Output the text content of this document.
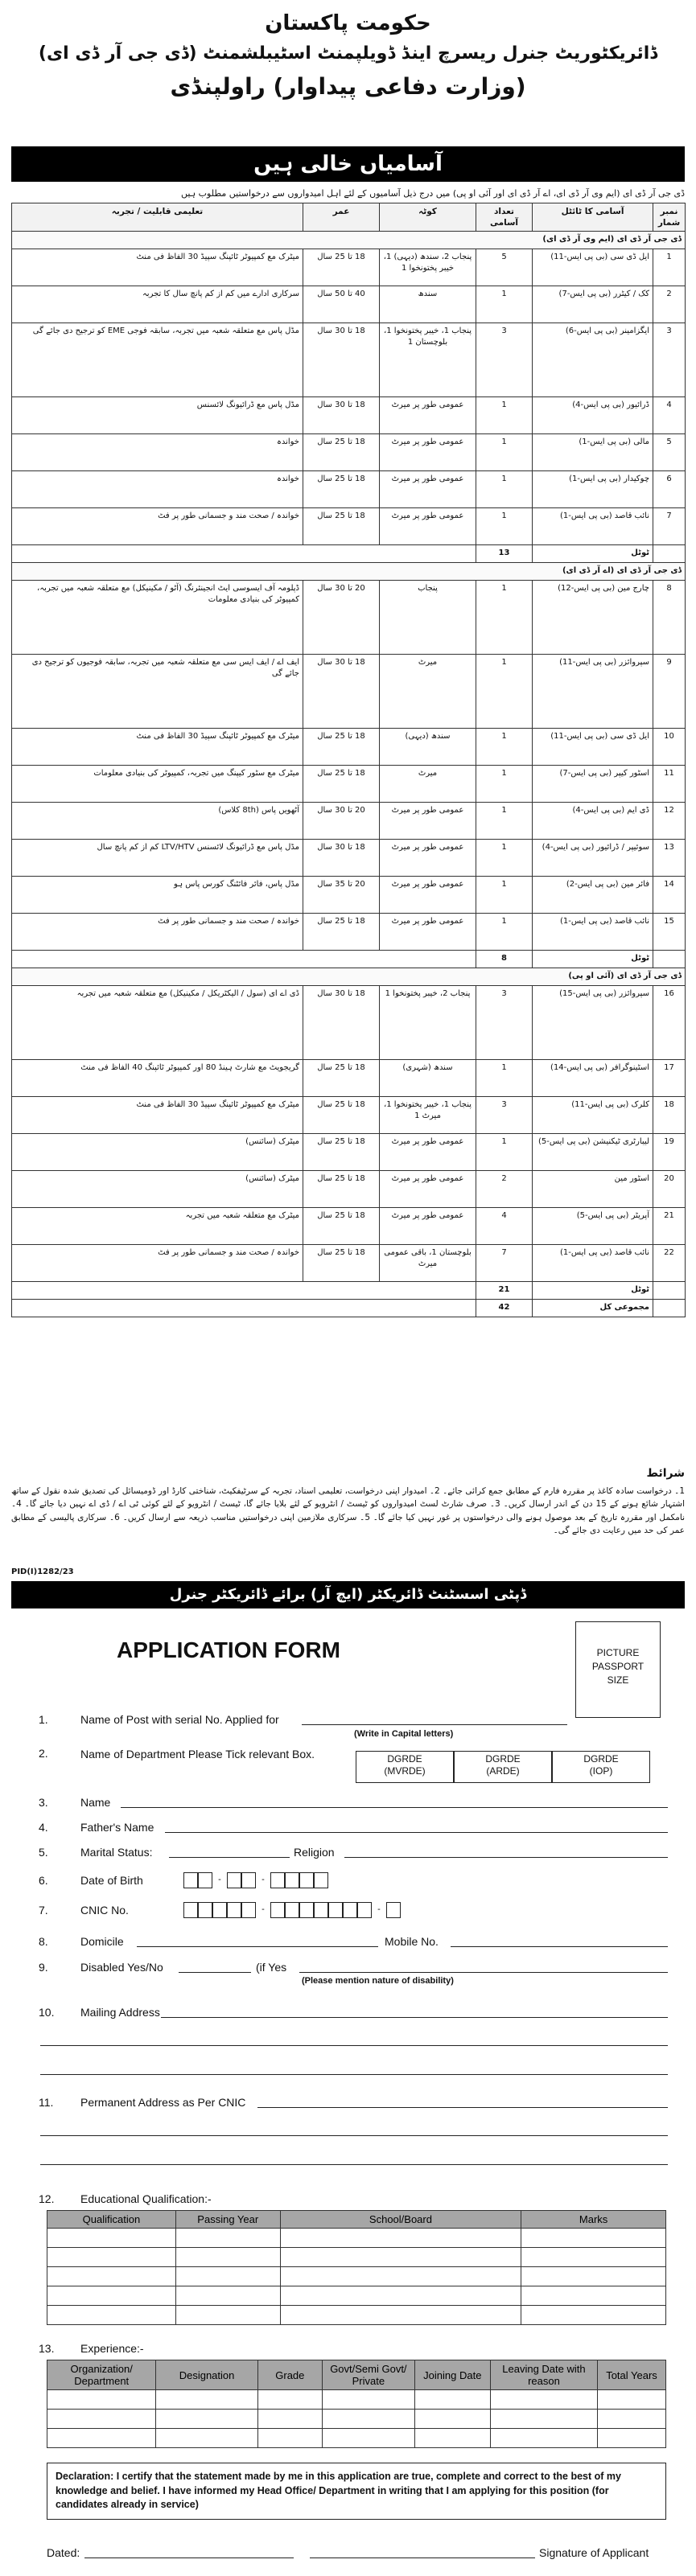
حکومت پاکستان
ڈائریکٹوریٹ جنرل ریسرچ اینڈ ڈویلپمنٹ اسٹیبلشمنٹ (ڈی جی آر ڈی ای)
(وزارت دفاعی پیداوار) راولپنڈی
آسامیاں خالی ہیں
ڈی جی آر ڈی ای (ایم وی آر ڈی ای، اے آر ڈی ای اور آئی او پی) میں درج ذیل آسامیوں کے لئے اہل امیدواروں سے درخواستیں مطلوب ہیں
نمبر شمار	آسامی کا ٹائٹل	تعداد آسامی	کوٹہ	عمر	تعلیمی قابلیت / تجربہ
ڈی جی آر ڈی ای (ایم وی آر ڈی ای)					
1	ایل ڈی سی (بی پی ایس-11)	5	پنجاب 2، سندھ (دیہی) 1، خیبر پختونخوا 1	18 تا 25 سال	میٹرک مع کمپیوٹر ٹائپنگ سپیڈ 30 الفاظ فی منٹ
2	کک / کیٹرر (بی پی ایس-7)	1	سندھ	40 تا 50 سال	سرکاری ادارے میں کم از کم پانچ سال کا تجربہ
3	ایگزامینر (بی پی ایس-6)	3	پنجاب 1، خیبر پختونخوا 1، بلوچستان 1	18 تا 30 سال	مڈل پاس مع متعلقہ شعبہ میں تجربہ، سابقہ فوجی EME کو ترجیح دی جائے گی
4	ڈرائیور (بی پی ایس-4)	1	عمومی طور پر میرٹ	18 تا 30 سال	مڈل پاس مع ڈرائیونگ لائسنس
5	مالی (بی پی ایس-1)	1	عمومی طور پر میرٹ	18 تا 25 سال	خواندہ
6	چوکیدار (بی پی ایس-1)	1	عمومی طور پر میرٹ	18 تا 25 سال	خواندہ
7	نائب قاصد (بی پی ایس-1)	1	عمومی طور پر میرٹ	18 تا 25 سال	خواندہ / صحت مند و جسمانی طور پر فٹ
	ٹوٹل	13			
ڈی جی آر ڈی ای (اے آر ڈی ای)					
8	چارج مین (بی پی ایس-12)	1	پنجاب	20 تا 30 سال	ڈپلومہ آف ایسوسی ایٹ انجینئرنگ (آٹو / مکینیکل) مع متعلقہ شعبہ میں تجربہ، کمپیوٹر کی بنیادی معلومات
9	سپروائزر (بی پی ایس-11)	1	میرٹ	18 تا 30 سال	ایف اے / ایف ایس سی مع متعلقہ شعبہ میں تجربہ، سابقہ فوجیوں کو ترجیح دی جائے گی
10	ایل ڈی سی (بی پی ایس-11)	1	سندھ (دیہی)	18 تا 25 سال	میٹرک مع کمپیوٹر ٹائپنگ سپیڈ 30 الفاظ فی منٹ
11	اسٹور کیپر (بی پی ایس-7)	1	میرٹ	18 تا 25 سال	میٹرک مع سٹور کیپنگ میں تجربہ، کمپیوٹر کی بنیادی معلومات
12	ڈی ایم (بی پی ایس-4)	1	عمومی طور پر میرٹ	20 تا 30 سال	آٹھویں پاس (8th کلاس)
13	سوئیپر / ڈرائیور (بی پی ایس-4)	1	عمومی طور پر میرٹ	18 تا 30 سال	مڈل پاس مع ڈرائیونگ لائسنس LTV/HTV کم از کم پانچ سال
14	فائر مین (بی پی ایس-2)	1	عمومی طور پر میرٹ	20 تا 35 سال	مڈل پاس، فائر فائٹنگ کورس پاس ہو
15	نائب قاصد (بی پی ایس-1)	1	عمومی طور پر میرٹ	18 تا 25 سال	خواندہ / صحت مند و جسمانی طور پر فٹ
	ٹوٹل	8			
ڈی جی آر ڈی ای (آئی او پی)					
16	سپروائزر (بی پی ایس-15)	3	پنجاب 2، خیبر پختونخوا 1	18 تا 30 سال	ڈی اے ای (سول / الیکٹریکل / مکینیکل) مع متعلقہ شعبہ میں تجربہ
17	اسٹینوگرافر (بی پی ایس-14)	1	سندھ (شہری)	18 تا 25 سال	گریجویٹ مع شارٹ ہینڈ 80 اور کمپیوٹر ٹائپنگ 40 الفاظ فی منٹ
18	کلرک (بی پی ایس-11)	3	پنجاب 1، خیبر پختونخوا 1، میرٹ 1	18 تا 25 سال	میٹرک مع کمپیوٹر ٹائپنگ سپیڈ 30 الفاظ فی منٹ
19	لیبارٹری ٹیکنیشن (بی پی ایس-5)	1	عمومی طور پر میرٹ	18 تا 25 سال	میٹرک (سائنس)
20	اسٹور مین	2	عمومی طور پر میرٹ	18 تا 25 سال	میٹرک (سائنس)
21	آپریٹر (بی پی ایس-5)	4	عمومی طور پر میرٹ	18 تا 25 سال	میٹرک مع متعلقہ شعبہ میں تجربہ
22	نائب قاصد (بی پی ایس-1)	7	بلوچستان 1، باقی عمومی میرٹ	18 تا 25 سال	خواندہ / صحت مند و جسمانی طور پر فٹ
	ٹوٹل	21			
	مجموعی کل	42			
شرائط
1۔ درخواست سادہ کاغذ پر مقررہ فارم کے مطابق جمع کرائی جائے۔ 2۔ امیدوار اپنی درخواست، تعلیمی اسناد، تجربہ کے سرٹیفکیٹ، شناختی کارڈ اور ڈومیسائل کی تصدیق شدہ نقول کے ساتھ اشتہار شائع ہونے کے 15 دن کے اندر ارسال کریں۔ 3۔ صرف شارٹ لسٹ امیدواروں کو ٹیسٹ / انٹرویو کے لئے بلایا جائے گا، ٹیسٹ / انٹرویو کے لئے کوئی ٹی اے / ڈی اے نہیں دیا جائے گا۔ 4۔ نامکمل اور مقررہ تاریخ کے بعد موصول ہونے والی درخواستوں پر غور نہیں کیا جائے گا۔ 5۔ سرکاری ملازمین اپنی درخواستیں مناسب ذریعہ سے ارسال کریں۔ 6۔ سرکاری پالیسی کے مطابق عمر کی حد میں رعایت دی جائے گی۔
PID(I)1282/23
ڈپٹی اسسٹنٹ ڈائریکٹر (ایچ آر) برائے ڈائریکٹر جنرل
APPLICATION FORM	PICTURE
PASSPORT
SIZE
1.	Name of Post with serial No. Applied for
(Write in Capital letters)
2.	Name of Department Please Tick relevant Box.	DGRDE
(MVRDE)
DGRDE
(ARDE)
DGRDE
(IOP)
3.	Name
4.	Father's Name
5.	Marital Status:	Religion
6.	Date of Birth	-	-
7.	CNIC No.	-	-
8.	Domicile	Mobile No.
9.	Disabled Yes/No	(if Yes
(Please mention nature of disability)
10.	Mailing Address
11.	Permanent Address as Per CNIC
12.	Educational Qualification:-
Qualification	Passing Year	School/Board	Marks

13.	Experience:-
Organization/ Department	Designation	Grade	Govt/Semi Govt/ Private	Joining Date	Leaving Date with reason	Total Years

Declaration: I certify that the statement made by me in this application are true, complete and correct to the best of my knowledge and belief. I have informed my Head Office/ Department in writing that I am applying for this position (for candidates already in service)
Dated:	Signature of Applicant
